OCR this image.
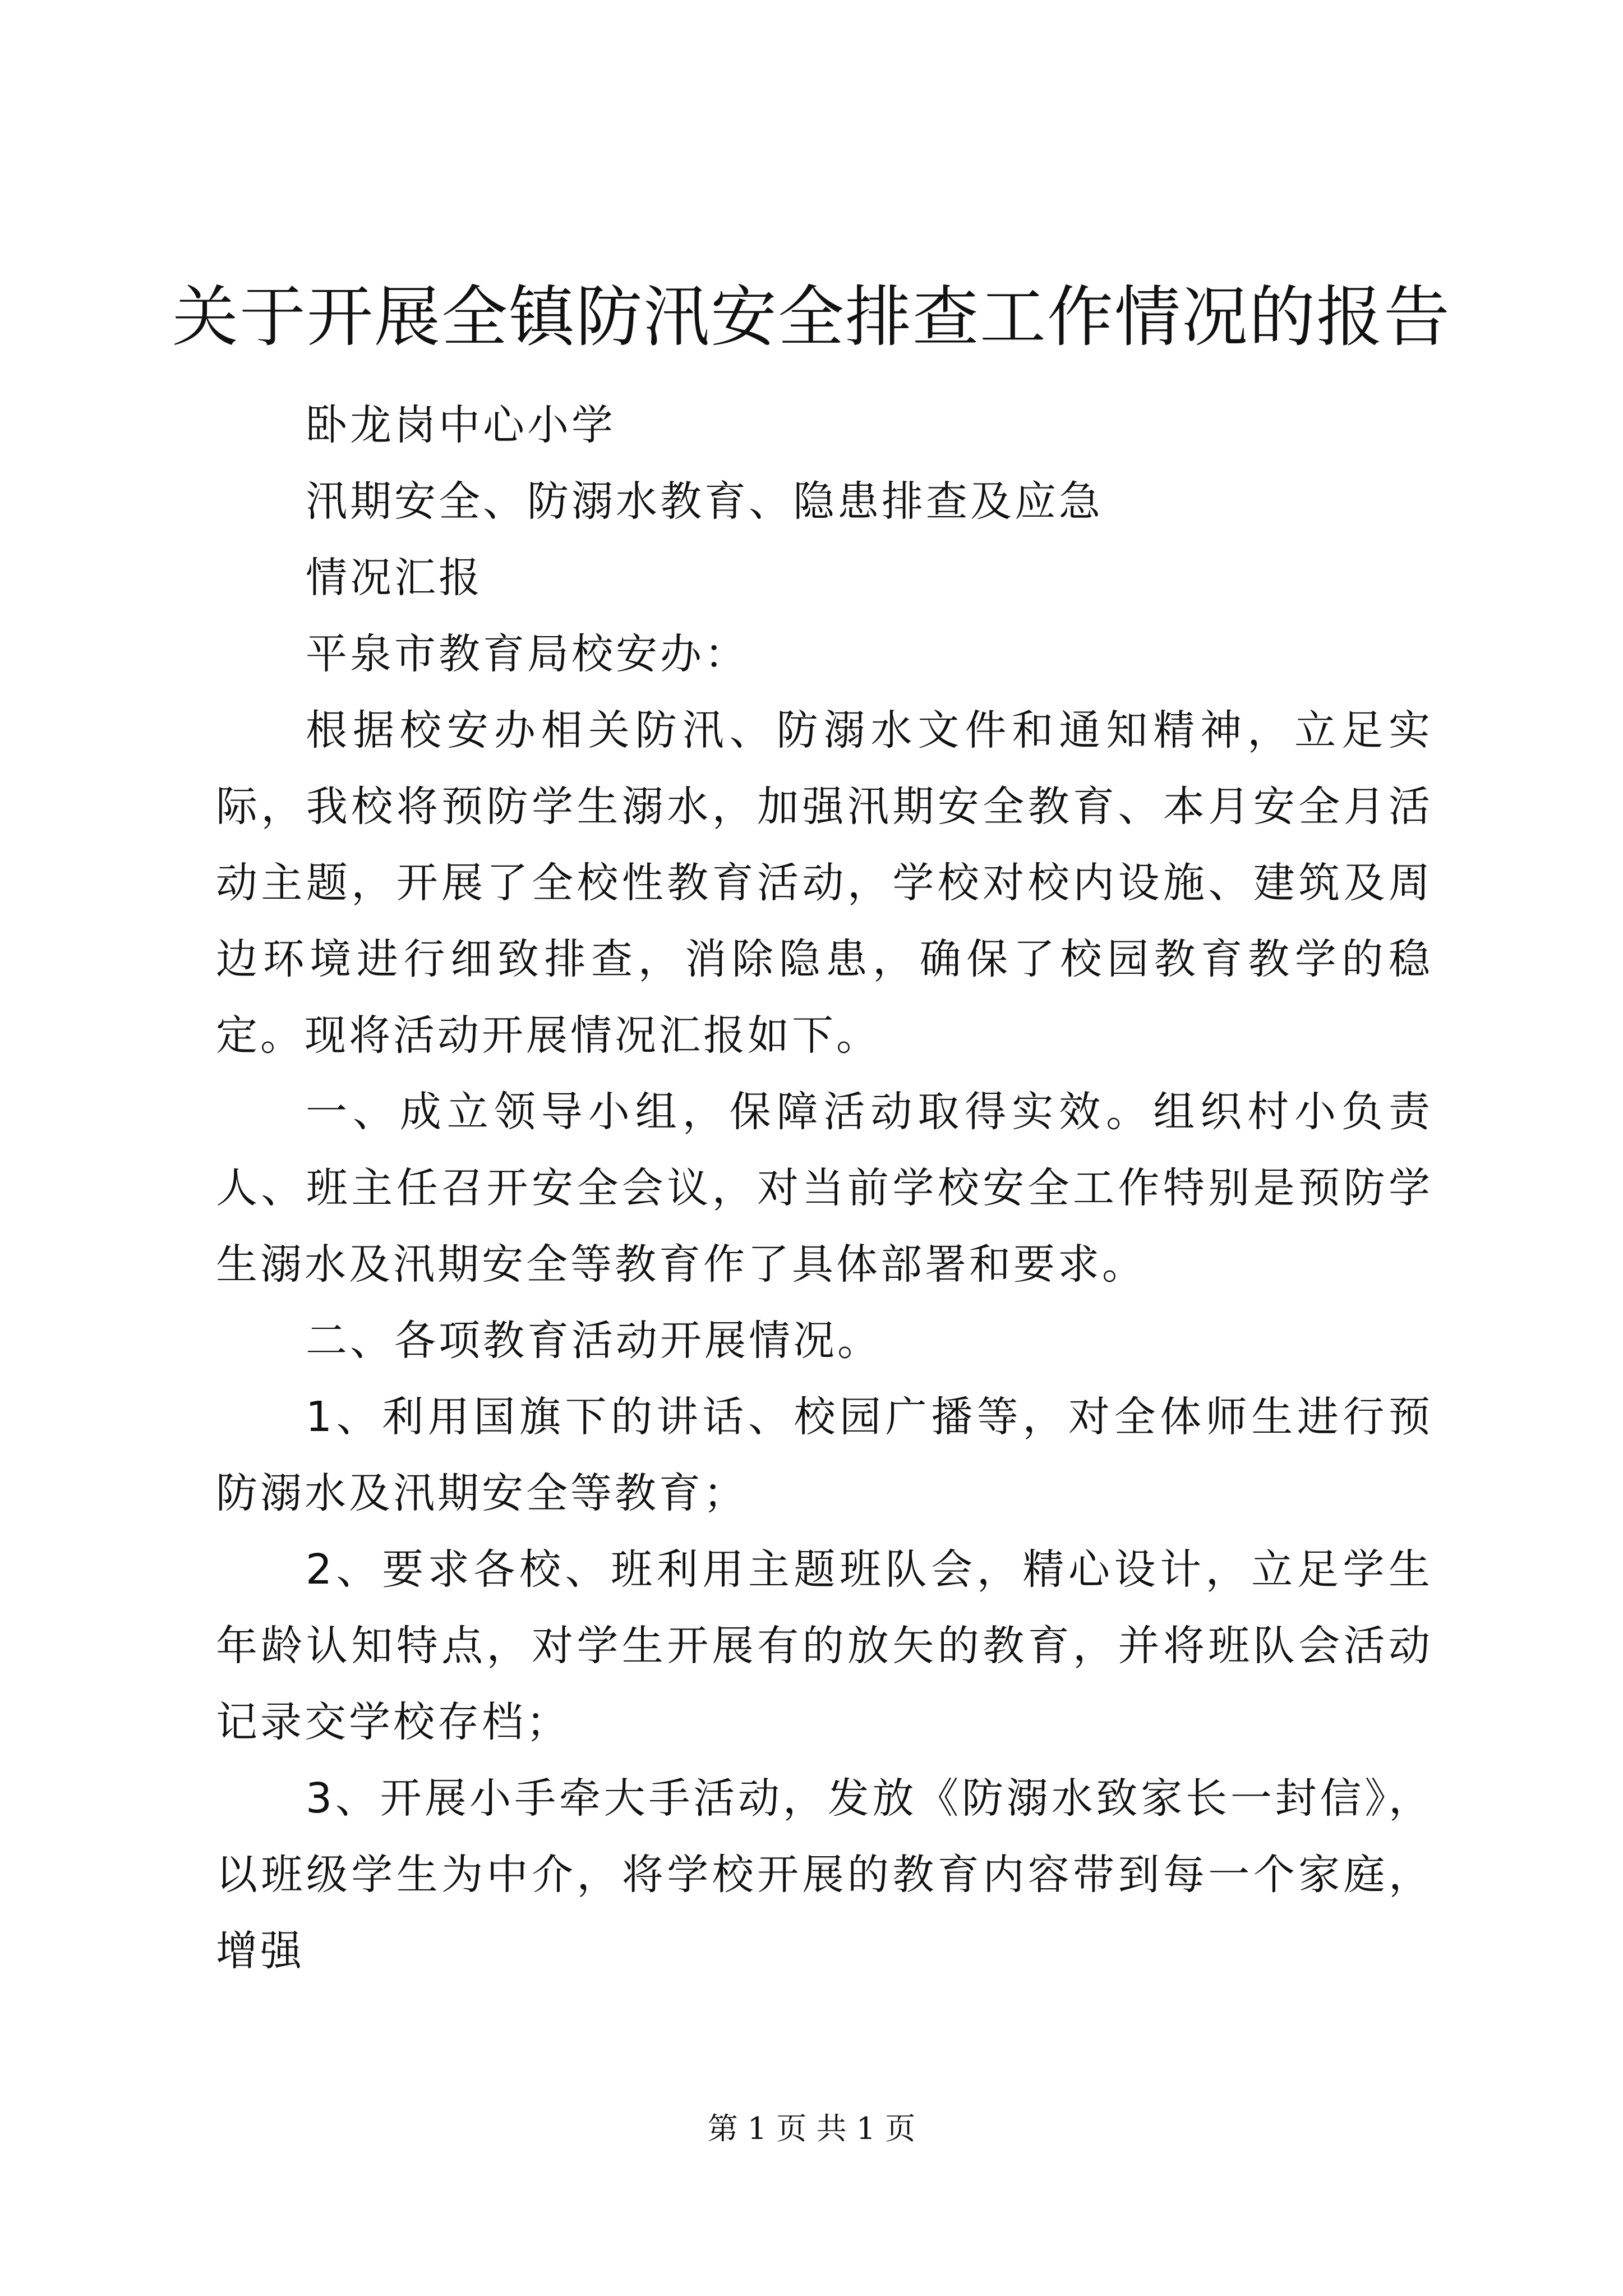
关于开展全镇防汛安全排查工作情况的报告

卧龙岗中心小学

汛期安全、防溺水教育、隐患排查及应急

情况汇报

平泉市教育局校安办：

根据校安办相关防汛、防溺水文件和通知精神，立足实际，我校将预防学生溺水，加强汛期安全教育、本月安全月活动主题，开展了全校性教育活动，学校对校内设施、建筑及周边环境进行细致排查，消除隐患，确保了校园教育教学的稳定。现将活动开展情况汇报如下。

一、成立领导小组，保障活动取得实效。组织村小负责人、班主任召开安全会议，对当前学校安全工作特别是预防学生溺水及汛期安全等教育作了具体部署和要求。

二、各项教育活动开展情况。

1、利用国旗下的讲话、校园广播等，对全体师生进行预防溺水及汛期安全等教育；

2、要求各校、班利用主题班队会，精心设计，立足学生年龄认知特点，对学生开展有的放矢的教育，并将班队会活动记录交学校存档；

3、开展小手牵大手活动，发放《防溺水致家长一封信》，以班级学生为中介，将学校开展的教育内容带到每一个家庭，增强

第 1 页 共 1 页
